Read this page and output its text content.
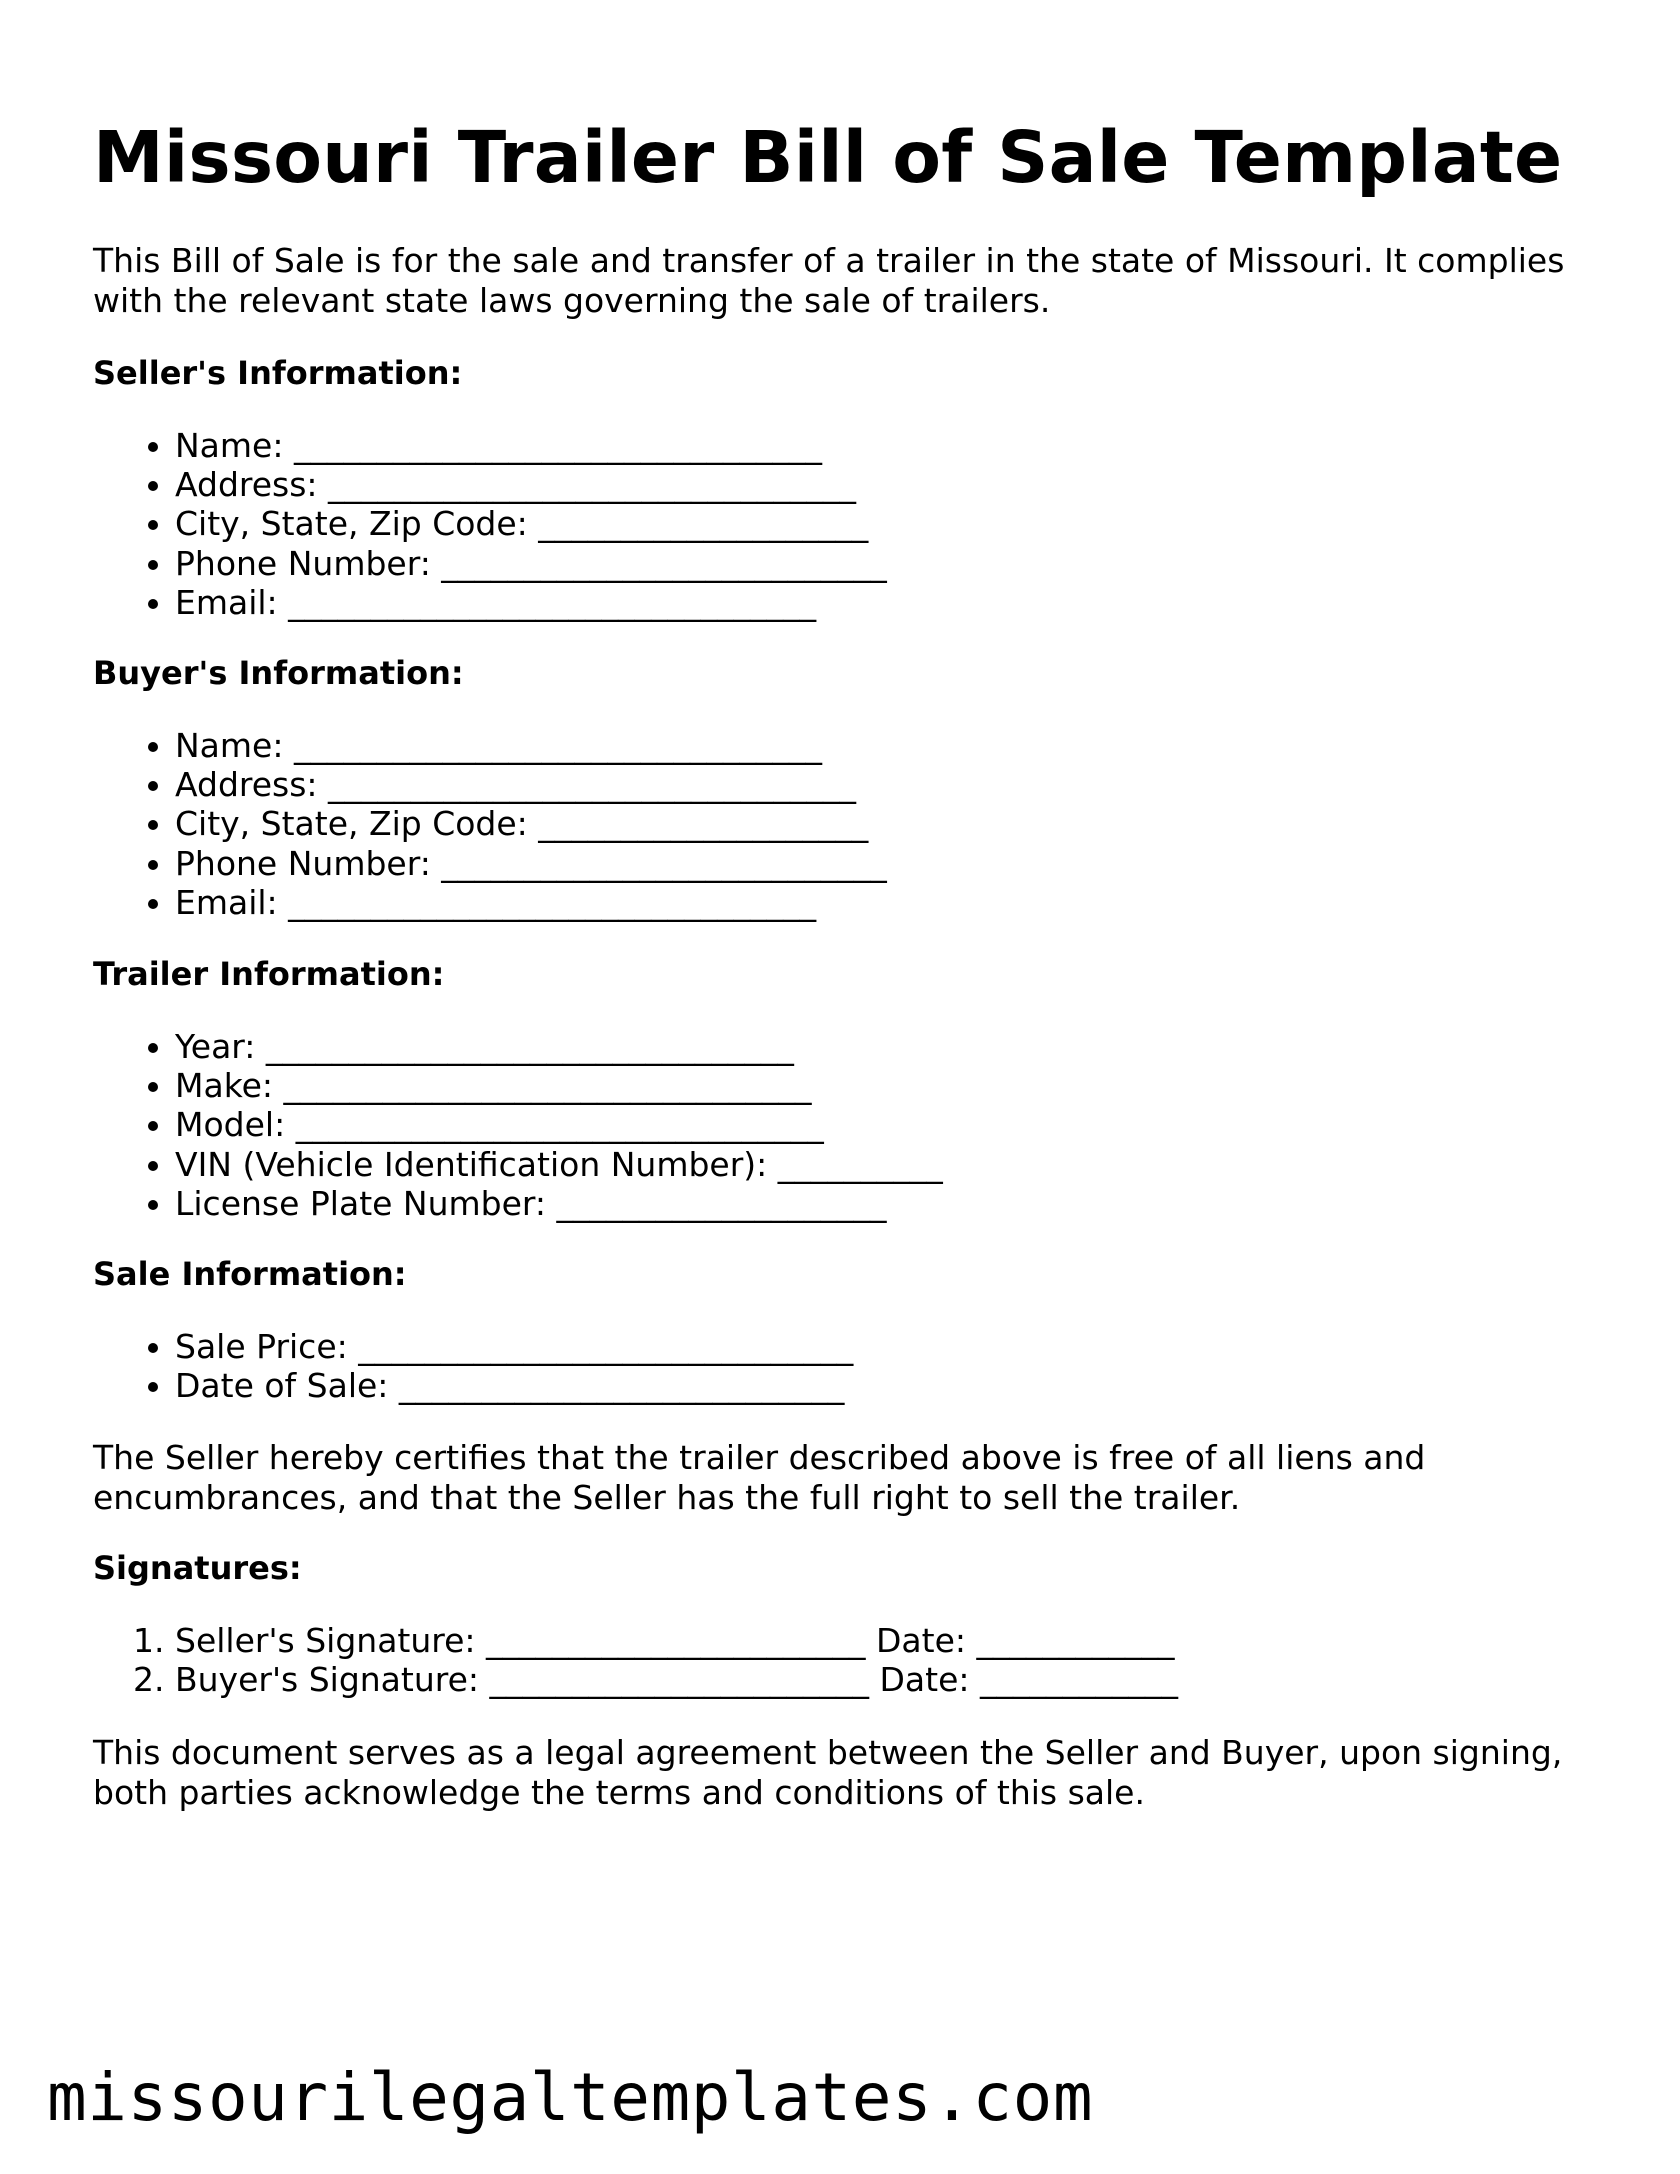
Missouri Trailer Bill of Sale Template

This Bill of Sale is for the sale and transfer of a trailer in the state of Missouri. It complies with the relevant state laws governing the sale of trailers.

Seller's Information:

• Name: ________________________________
• Address: ________________________________
• City, State, Zip Code: ____________________
• Phone Number: ___________________________
• Email: ________________________________

Buyer's Information:

• Name: ________________________________
• Address: ________________________________
• City, State, Zip Code: ____________________
• Phone Number: ___________________________
• Email: ________________________________

Trailer Information:

• Year: ________________________________
• Make: ________________________________
• Model: ________________________________
• VIN (Vehicle Identification Number): __________
• License Plate Number: ____________________

Sale Information:

• Sale Price: ______________________________
• Date of Sale: ___________________________

The Seller hereby certifies that the trailer described above is free of all liens and encumbrances, and that the Seller has the full right to sell the trailer.

Signatures:

1. Seller's Signature: _______________________ Date: ____________
2. Buyer's Signature: _______________________ Date: ____________

This document serves as a legal agreement between the Seller and Buyer, upon signing, both parties acknowledge the terms and conditions of this sale.

missourilegaltemplates.com
